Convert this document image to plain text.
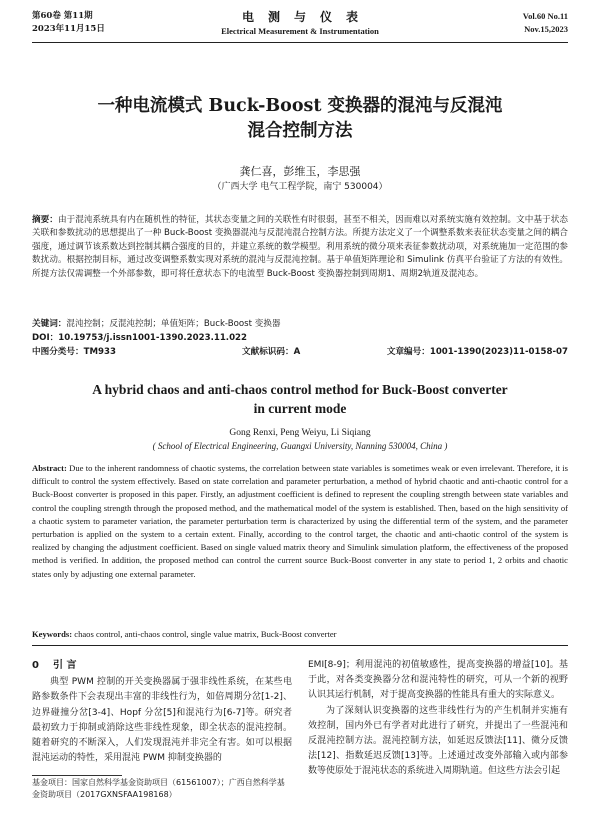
第60卷 第11期
2023年11月15日
电测与仪表
Electrical Measurement & Instrumentation
Vol.60 No.11
Nov.15,2023
一种电流模式 Buck-Boost 变换器的混沌与反混沌
混合控制方法
龚仁喜，彭维玉，李思强
（广西大学 电气工程学院，南宁 530004）
摘要：由于混沌系统具有内在随机性的特征，其状态变量之间的关联性有时很弱，甚至不相关，因而难以对系统实施有效控制。文中基于状态关联和参数扰动的思想提出了一种 Buck-Boost 变换器混沌与反混沌混合控制方法。所提方法定义了一个调整系数来表征状态变量之间的耦合强度，通过调节该系数达到控制其耦合强度的目的，并建立系统的数学模型。利用系统的微分项来表征参数扰动项，对系统施加一定范围的参数扰动。根据控制目标，通过改变调整系数实现对系统的混沌与反混沌控制。基于单值矩阵理论和 Simulink 仿真平台验证了方法的有效性。所提方法仅需调整一个外部参数，即可将任意状态下的电流型 Buck-Boost 变换器控制到周期1、周期2轨道及混沌态。
关键词：混沌控制；反混沌控制；单值矩阵；Buck-Boost 变换器
DOI：10.19753/j.issn1001-1390.2023.11.022
中图分类号：TM933	文献标识码：A	文章编号：1001-1390(2023)11-0158-07
A hybrid chaos and anti-chaos control method for Buck-Boost converter
in current mode
Gong Renxi, Peng Weiyu, Li Siqiang
( School of Electrical Engineering, Guangxi University, Nanning 530004, China )
Abstract: Due to the inherent randomness of chaotic systems, the correlation between state variables is sometimes weak or even irrelevant. Therefore, it is difficult to control the system effectively. Based on state correlation and parameter perturbation, a method of hybrid chaotic and anti-chaotic control for a Buck-Boost converter is proposed in this paper. Firstly, an adjustment coefficient is defined to represent the coupling strength between state variables and control the coupling strength through the proposed method, and the mathematical model of the system is established. Then, based on the high sensitivity of a chaotic system to parameter variation, the parameter perturbation term is characterized by using the differential term of the system, and the parameter perturbation is applied on the system to a certain extent. Finally, according to the control target, the chaotic and anti-chaotic control of the system is realized by changing the adjustment coefficient. Based on single valued matrix theory and Simulink simulation platform, the effectiveness of the proposed method is verified. In addition, the proposed method can control the current source Buck-Boost converter in any state to period 1, 2 orbits and chaotic states only by adjusting one external parameter.
Keywords: chaos control, anti-chaos control, single value matrix, Buck-Boost converter
0 引 言

典型 PWM 控制的开关变换器属于强非线性系统，在某些电路参数条件下会表现出丰富的非线性行为，如倍周期分岔[1-2]、边界碰撞分岔[3-4]、Hopf 分岔[5]和混沌行为[6-7]等。研究者最初致力于抑制或消除这些非线性现象，即全状态的混沌控制。随着研究的不断深入，人们发现混沌并非完全有害。如可以根据混沌运动的特性，采用混沌 PWM 抑制变换器的

EMI[8-9]；利用混沌的初值敏感性，提高变换器的增益[10]。基于此，对各类变换器分岔和混沌特性的研究，可从一个新的视野认识其运行机制，对于提高变换器的性能具有重大的实际意义。

为了深刻认识变换器的这些非线性行为的产生机制并实施有效控制，国内外已有学者对此进行了研究，并提出了一些混沌和反混沌控制方法。混沌控制方法，如延迟反馈法[11]、微分反馈法[12]、指数延迟反馈[13]等。上述通过改变外部输入或内部参数等使原处于混沌状态的系统进入周期轨道。但这些方法会引起

基金项目：国家自然科学基金资助项目（61561007）；广西自然科学基金资助项目（2017GXNSFAA198168）
